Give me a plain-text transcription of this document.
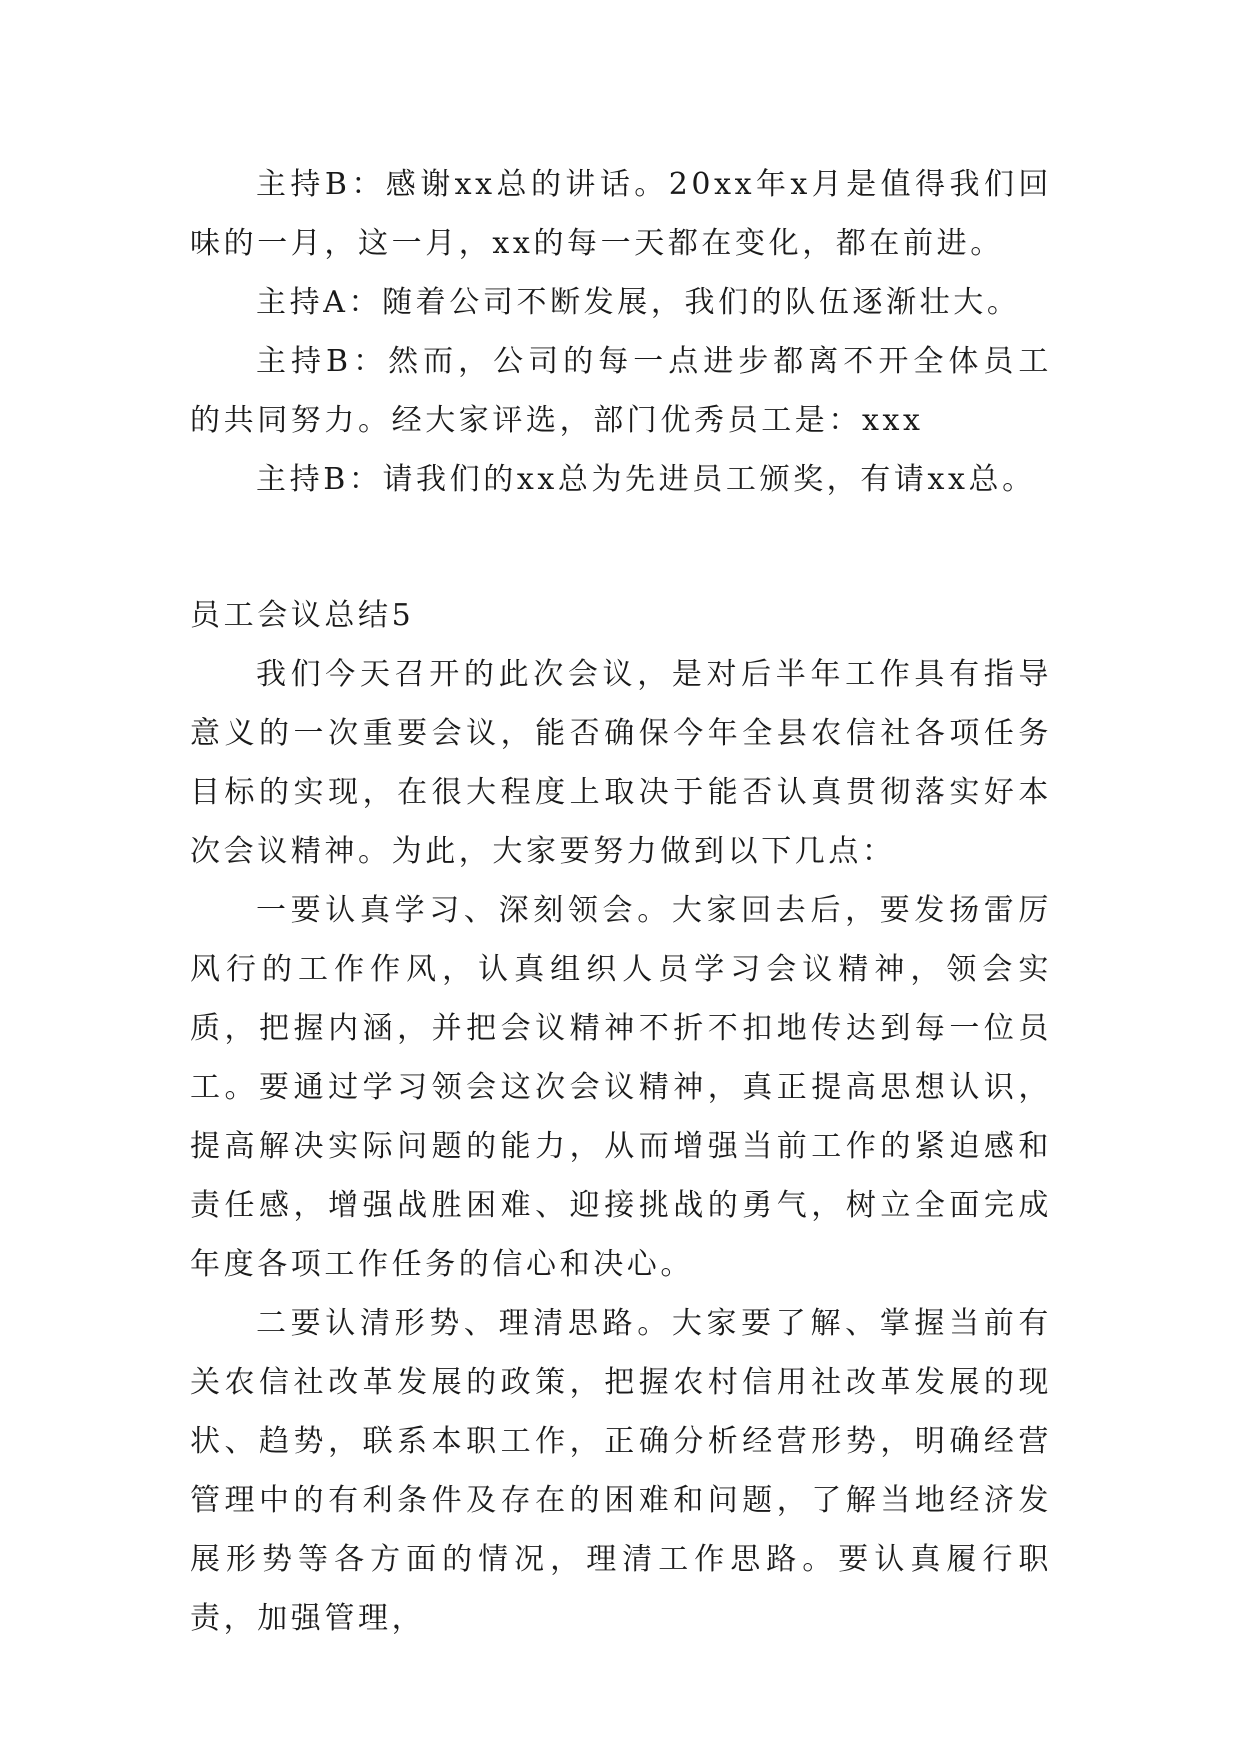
主持B：感谢xx总的讲话。20xx年x月是值得我们回味的一月，这一月，xx的每一天都在变化，都在前进。

主持A：随着公司不断发展，我们的队伍逐渐壮大。

主持B：然而，公司的每一点进步都离不开全体员工的共同努力。经大家评选，部门优秀员工是：xxx

主持B：请我们的xx总为先进员工颁奖，有请xx总。

员工会议总结5

我们今天召开的此次会议，是对后半年工作具有指导意义的一次重要会议，能否确保今年全县农信社各项任务目标的实现，在很大程度上取决于能否认真贯彻落实好本次会议精神。为此，大家要努力做到以下几点：

一要认真学习、深刻领会。大家回去后，要发扬雷厉风行的工作作风，认真组织人员学习会议精神，领会实质，把握内涵，并把会议精神不折不扣地传达到每一位员工。要通过学习领会这次会议精神，真正提高思想认识，提高解决实际问题的能力，从而增强当前工作的紧迫感和责任感，增强战胜困难、迎接挑战的勇气，树立全面完成年度各项工作任务的信心和决心。

二要认清形势、理清思路。大家要了解、掌握当前有关农信社改革发展的政策，把握农村信用社改革发展的现状、趋势，联系本职工作，正确分析经营形势，明确经营管理中的有利条件及存在的困难和问题，了解当地经济发展形势等各方面的情况，理清工作思路。要认真履行职责，加强管理，
